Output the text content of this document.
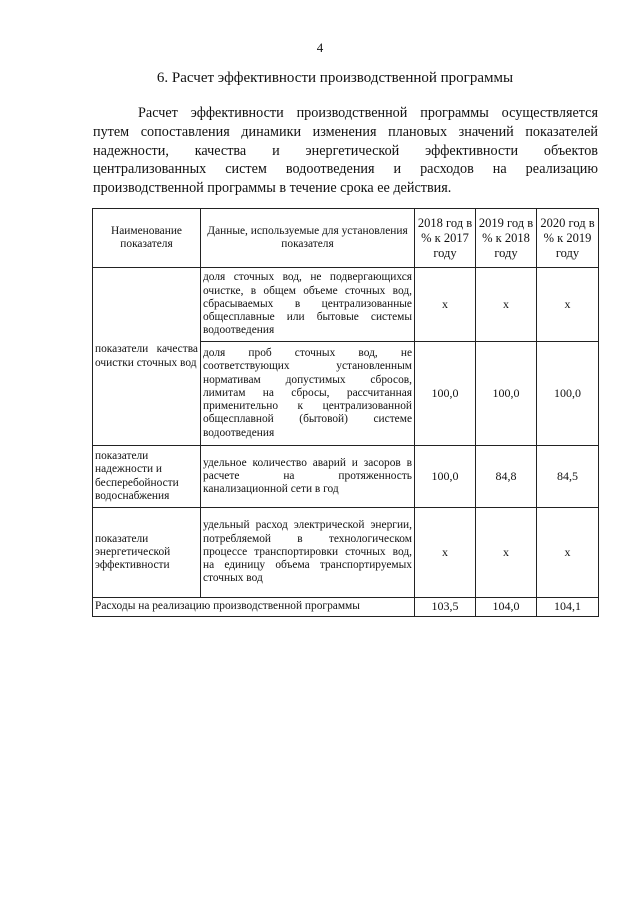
4
6. Расчет эффективности производственной программы

Расчет эффективности производственной программы осуществляется путем сопоставления динамики изменения плановых значений показателей надежности, качества и энергетической эффективности объектов централизованных систем водоотведения и расходов на реализацию производственной программы в течение срока ее действия.

Наименование показателя	Данные, используемые для установления показателя	2018 год в % к 2017 году	2019 год в % к 2018 году	2020 год в % к 2019 году
показатели качества очистки сточных вод	доля сточных вод, не подвергающихся очистке, в общем объеме сточных вод, сбрасываемых в централизованные общесплавные или бытовые системы водоотведения	х	х	х
	доля проб сточных вод, не соответствующих установленным нормативам допустимых сбросов, лимитам на сбросы, рассчитанная применительно к централизованной общесплавной (бытовой) системе водоотведения	100,0	100,0	100,0
показатели надежности и бесперебойности водоснабжения	удельное количество аварий и засоров в расчете на протяженность канализационной сети в год	100,0	84,8	84,5
показатели энергетической эффективности	удельный расход электрической энергии, потребляемой в технологическом процессе транспортировки сточных вод, на единицу объема транспортируемых сточных вод	х	х	х
Расходы на реализацию производственной программы		103,5	104,0	104,1
